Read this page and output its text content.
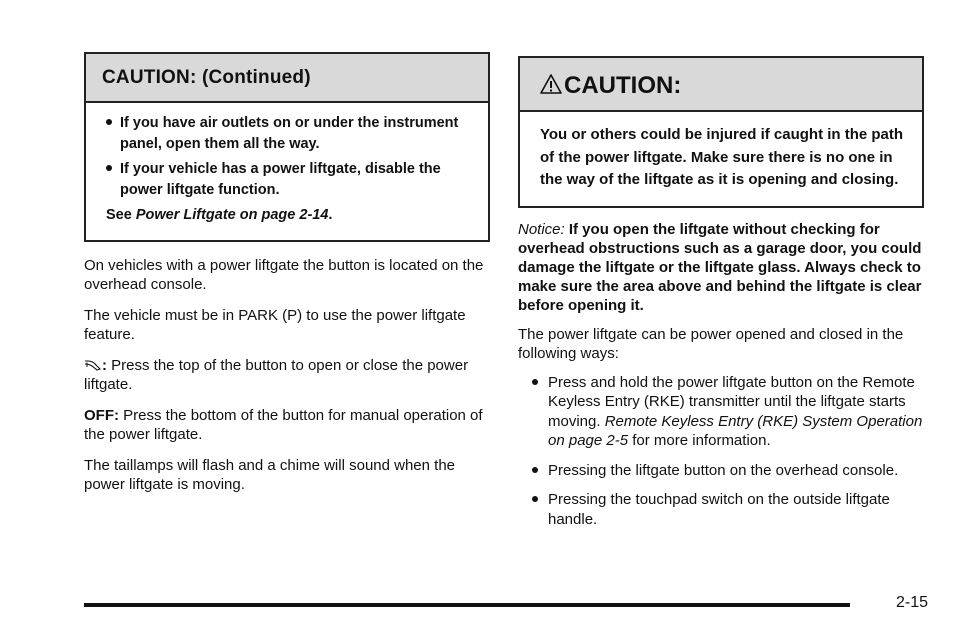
CAUTION: (Continued)
If you have air outlets on or under the instrument panel, open them all the way.
If your vehicle has a power liftgate, disable the power liftgate function.
See Power Liftgate on page 2-14.

On vehicles with a power liftgate the button is located on the overhead console.

The vehicle must be in PARK (P) to use the power liftgate feature.

: Press the top of the button to open or close the power liftgate.

OFF: Press the bottom of the button for manual operation of the power liftgate.

The taillamps will flash and a chime will sound when the power liftgate is moving.

CAUTION:
You or others could be injured if caught in the path of the power liftgate. Make sure there is no one in the way of the liftgate as it is opening and closing.

Notice: If you open the liftgate without checking for overhead obstructions such as a garage door, you could damage the liftgate or the liftgate glass. Always check to make sure the area above and behind the liftgate is clear before opening it.

The power liftgate can be power opened and closed in the following ways:

Press and hold the power liftgate button on the Remote Keyless Entry (RKE) transmitter until the liftgate starts moving. Remote Keyless Entry (RKE) System Operation on page 2-5 for more information.
Pressing the liftgate button on the overhead console.
Pressing the touchpad switch on the outside liftgate handle.
2-15
